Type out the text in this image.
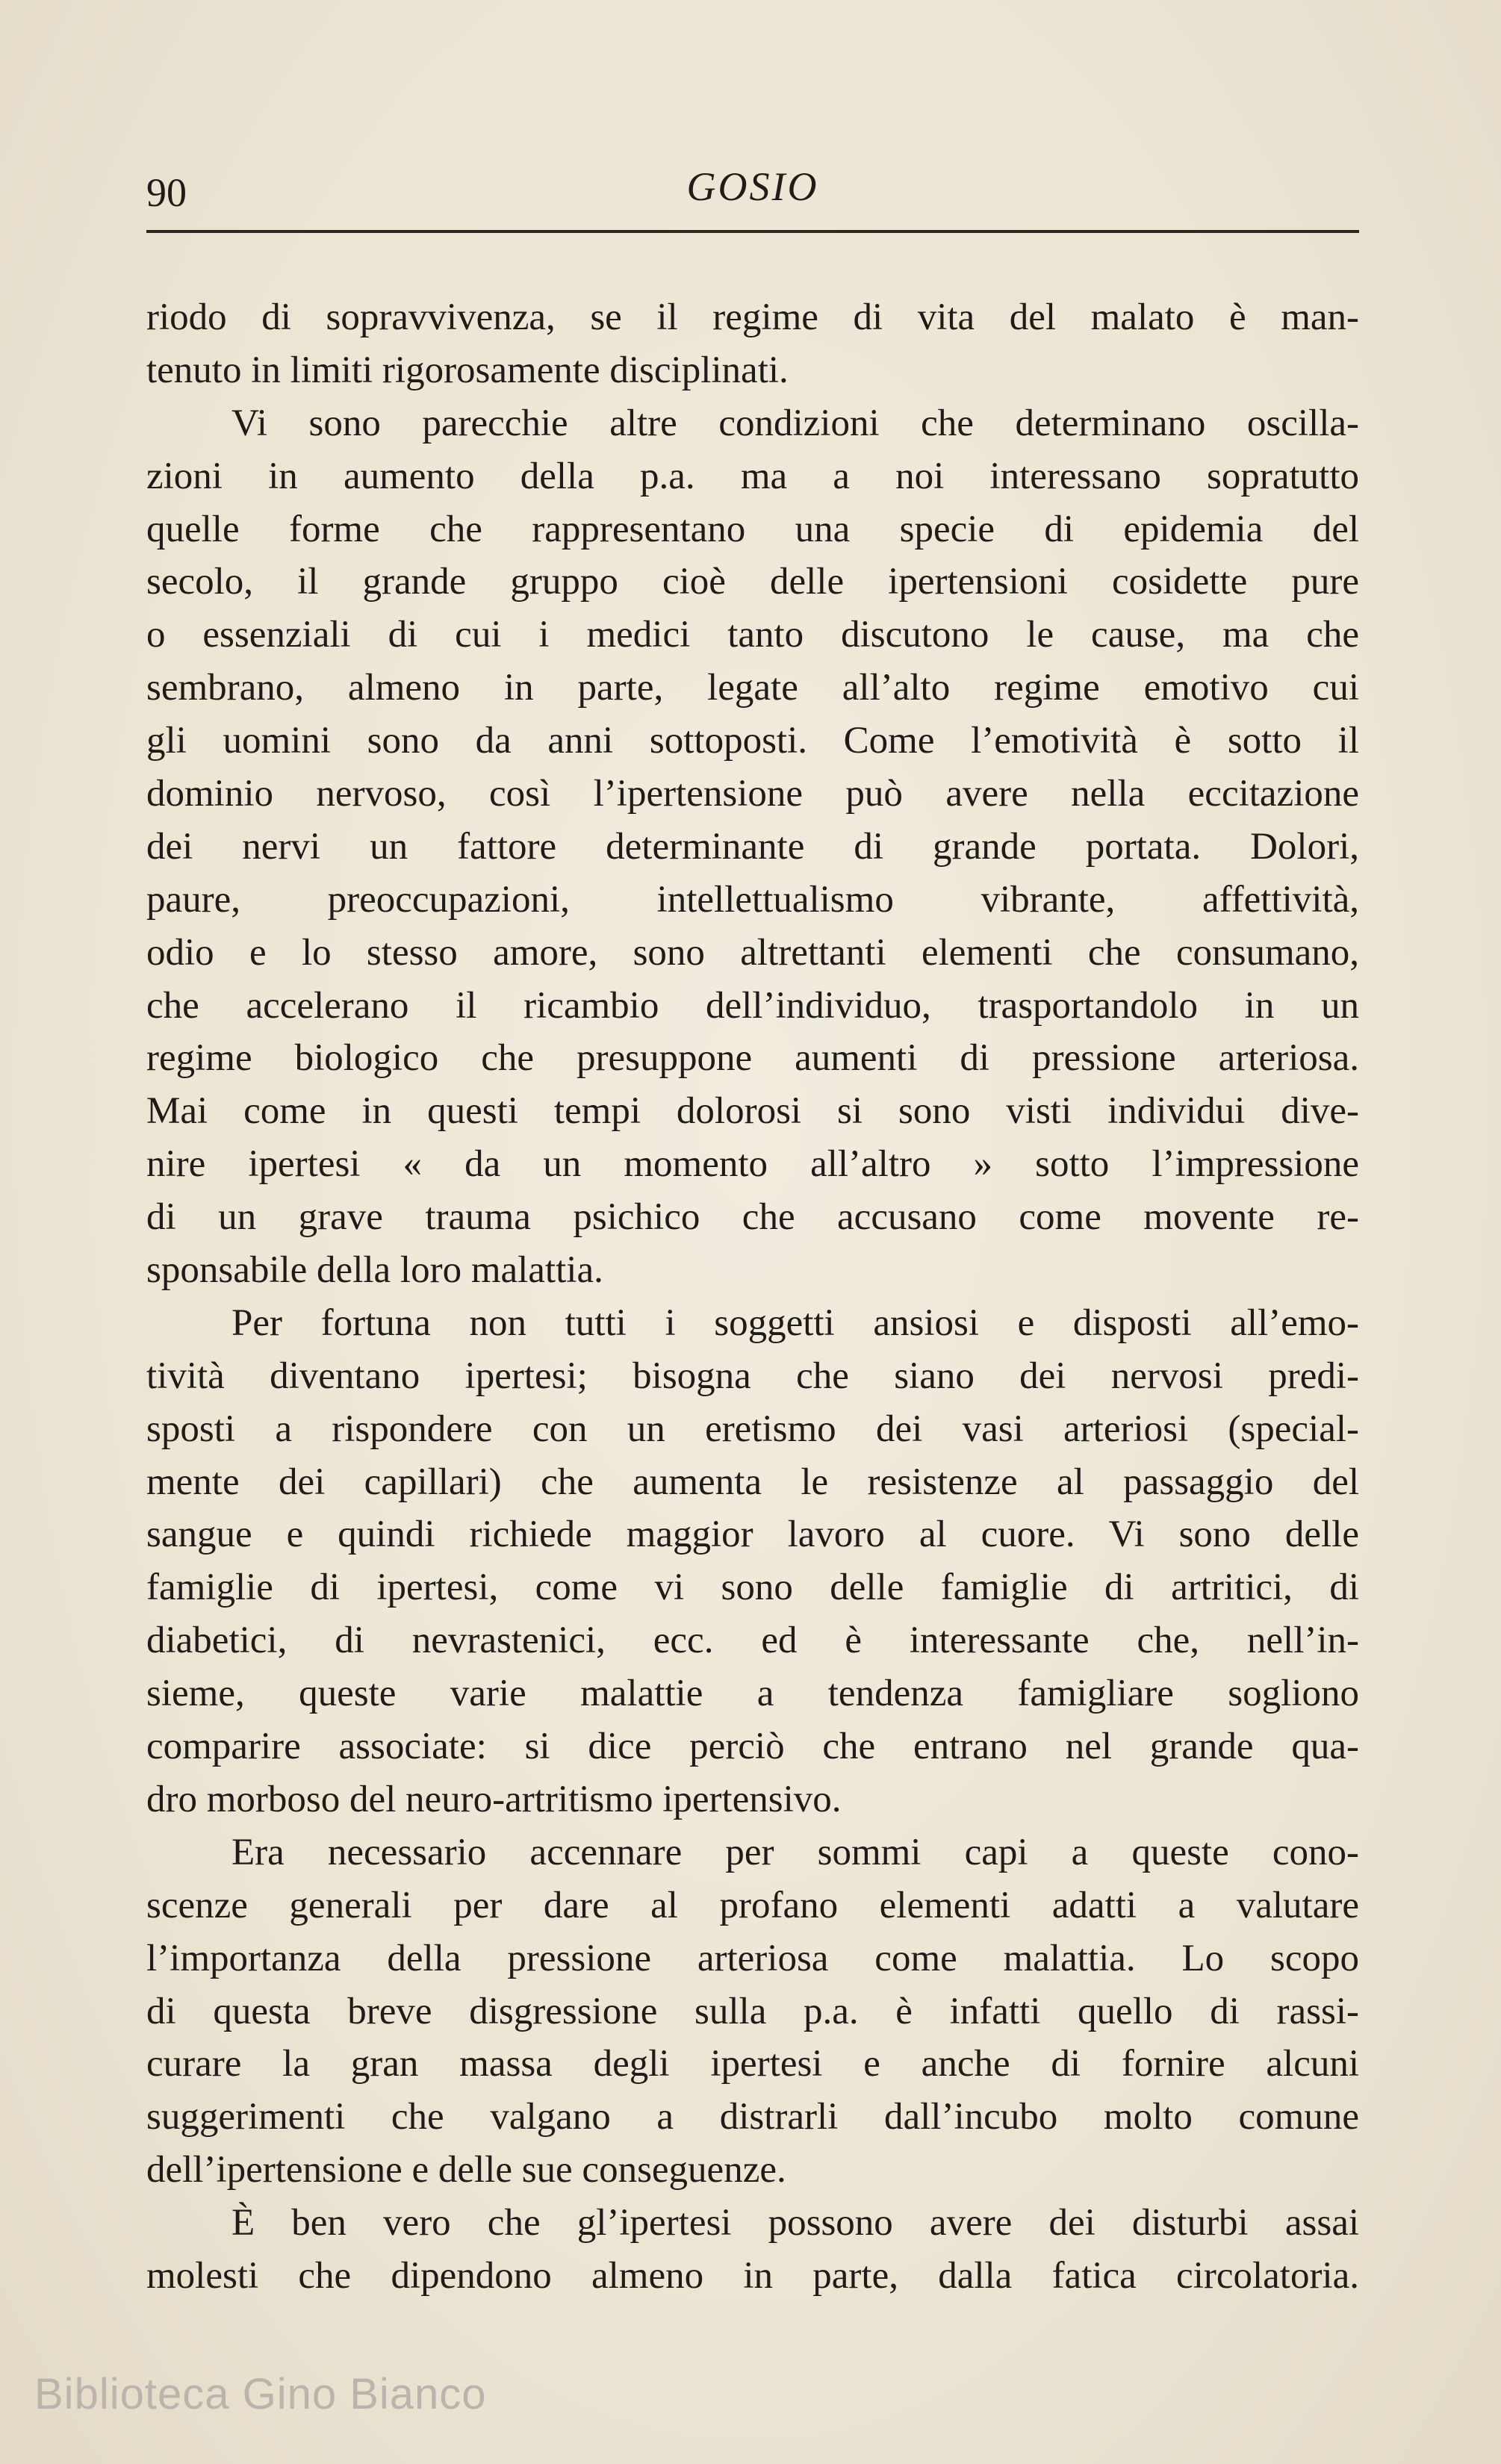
90	GOSIO
riodo di sopravvivenza, se il regime di vita del malato è man-
tenuto in limiti rigorosamente disciplinati.
Vi sono parecchie altre condizioni che determinano oscilla-
zioni in aumento della p.a. ma a noi interessano sopratutto
quelle forme che rappresentano una specie di epidemia del
secolo, il grande gruppo cioè delle ipertensioni cosidette pure
o essenziali di cui i medici tanto discutono le cause, ma che
sembrano, almeno in parte, legate all’alto regime emotivo cui
gli uomini sono da anni sottoposti. Come l’emotività è sotto il
dominio nervoso, così l’ipertensione può avere nella eccitazione
dei nervi un fattore determinante di grande portata. Dolori,
paure, preoccupazioni, intellettualismo vibrante, affettività,
odio e lo stesso amore, sono altrettanti elementi che consumano,
che accelerano il ricambio dell’individuo, trasportandolo in un
regime biologico che presuppone aumenti di pressione arteriosa.
Mai come in questi tempi dolorosi si sono visti individui dive-
nire ipertesi « da un momento all’altro » sotto l’impressione
di un grave trauma psichico che accusano come movente re-
sponsabile della loro malattia.
Per fortuna non tutti i soggetti ansiosi e disposti all’emo-
tività diventano ipertesi; bisogna che siano dei nervosi predi-
sposti a rispondere con un eretismo dei vasi arteriosi (special-
mente dei capillari) che aumenta le resistenze al passaggio del
sangue e quindi richiede maggior lavoro al cuore. Vi sono delle
famiglie di ipertesi, come vi sono delle famiglie di artritici, di
diabetici, di nevrastenici, ecc. ed è interessante che, nell’in-
sieme, queste varie malattie a tendenza famigliare sogliono
comparire associate: si dice perciò che entrano nel grande qua-
dro morboso del neuro-artritismo ipertensivo.
Era necessario accennare per sommi capi a queste cono-
scenze generali per dare al profano elementi adatti a valutare
l’importanza della pressione arteriosa come malattia. Lo scopo
di questa breve disgressione sulla p.a. è infatti quello di rassi-
curare la gran massa degli ipertesi e anche di fornire alcuni
suggerimenti che valgano a distrarli dall’incubo molto comune
dell’ipertensione e delle sue conseguenze.
È ben vero che gl’ipertesi possono avere dei disturbi assai
molesti che dipendono almeno in parte, dalla fatica circolatoria.
Biblioteca Gino Bianco
